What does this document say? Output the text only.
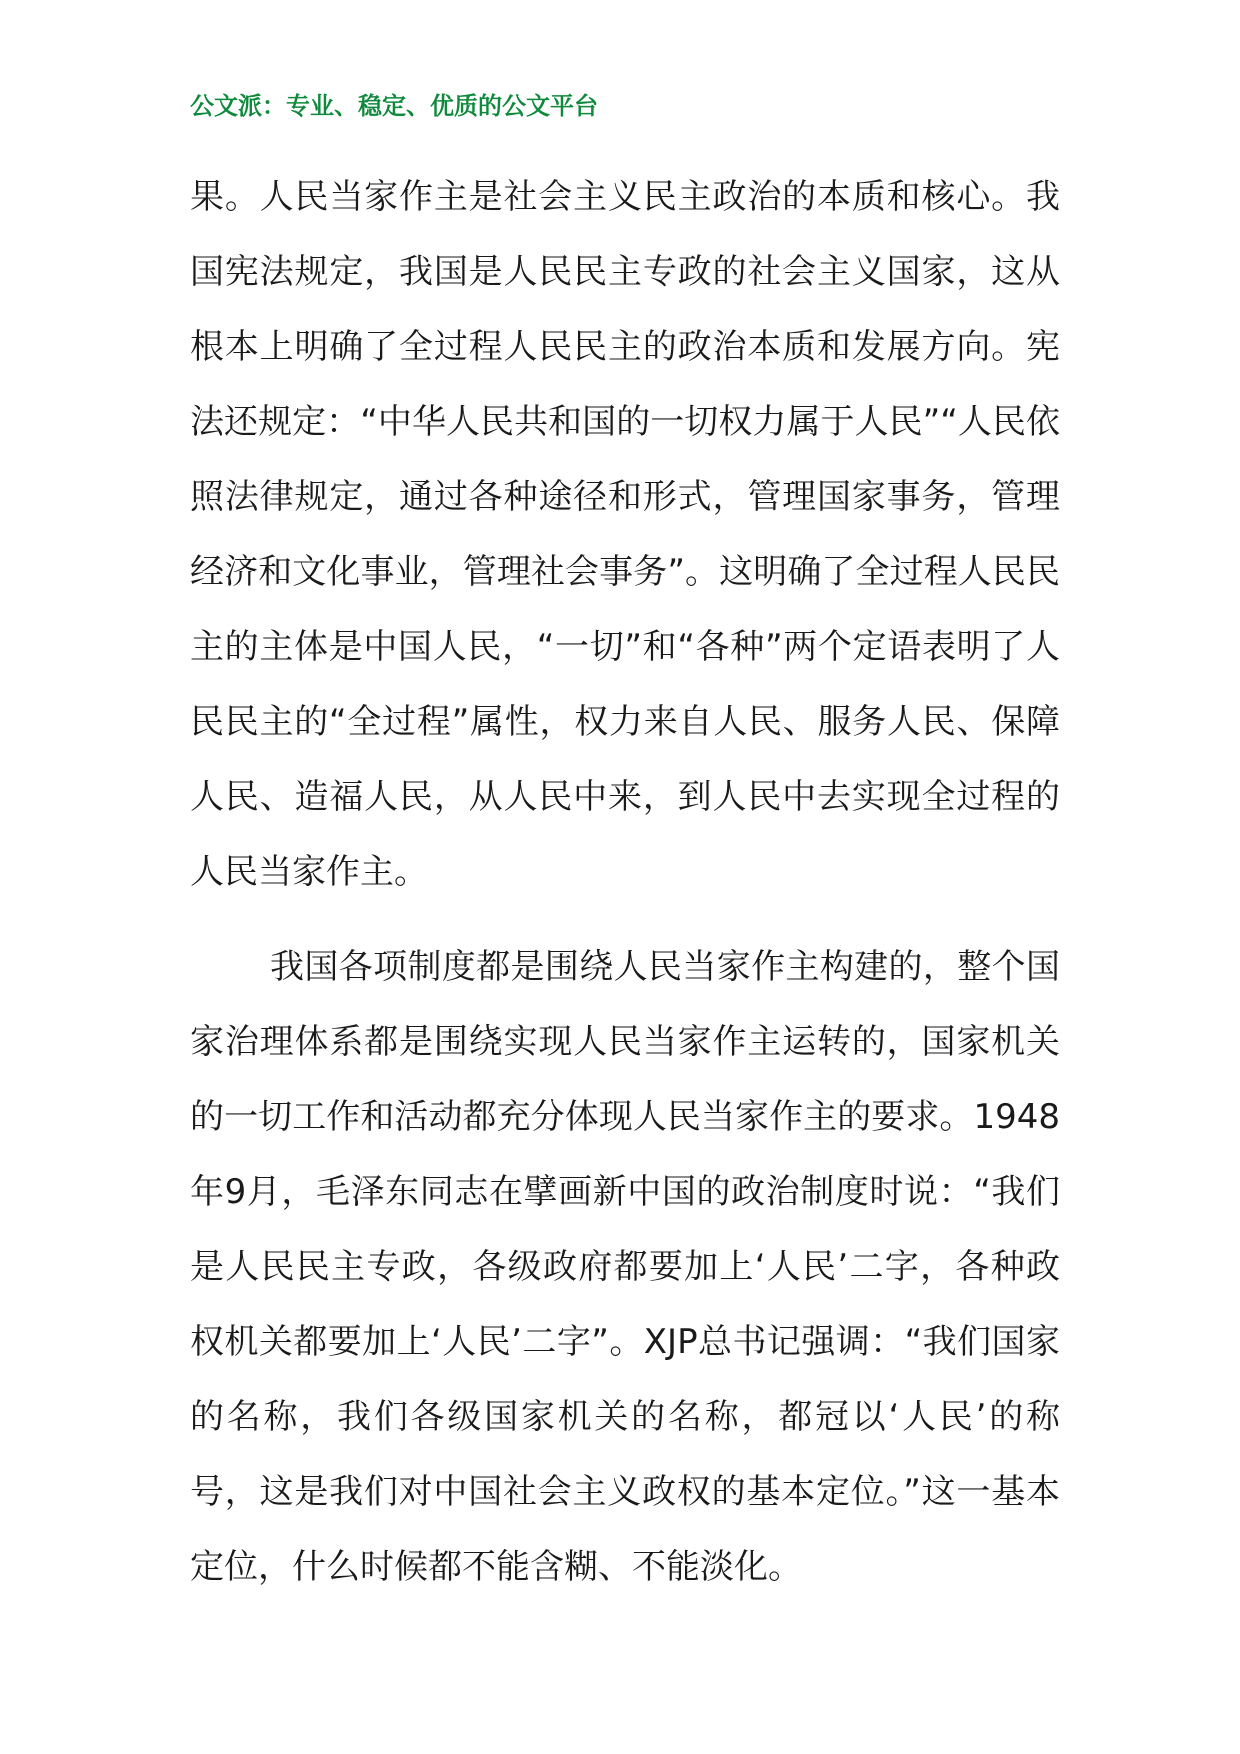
公文派：专业、稳定、优质的公文平台

果。人民当家作主是社会主义民主政治的本质和核心。我国宪法规定，我国是人民民主专政的社会主义国家，这从根本上明确了全过程人民民主的政治本质和发展方向。宪法还规定：“中华人民共和国的一切权力属于人民”“人民依照法律规定，通过各种途径和形式，管理国家事务，管理经济和文化事业，管理社会事务”。这明确了全过程人民民主的主体是中国人民，“一切”和“各种”两个定语表明了人民民主的“全过程”属性，权力来自人民、服务人民、保障人民、造福人民，从人民中来，到人民中去实现全过程的人民当家作主。

我国各项制度都是围绕人民当家作主构建的，整个国家治理体系都是围绕实现人民当家作主运转的，国家机关的一切工作和活动都充分体现人民当家作主的要求。1948年9月，毛泽东同志在擘画新中国的政治制度时说：“我们是人民民主专政，各级政府都要加上‘人民’二字，各种政权机关都要加上‘人民’二字”。XJP总书记强调：“我们国家的名称，我们各级国家机关的名称，都冠以‘人民’的称号，这是我们对中国社会主义政权的基本定位。”这一基本定位，什么时候都不能含糊、不能淡化。
